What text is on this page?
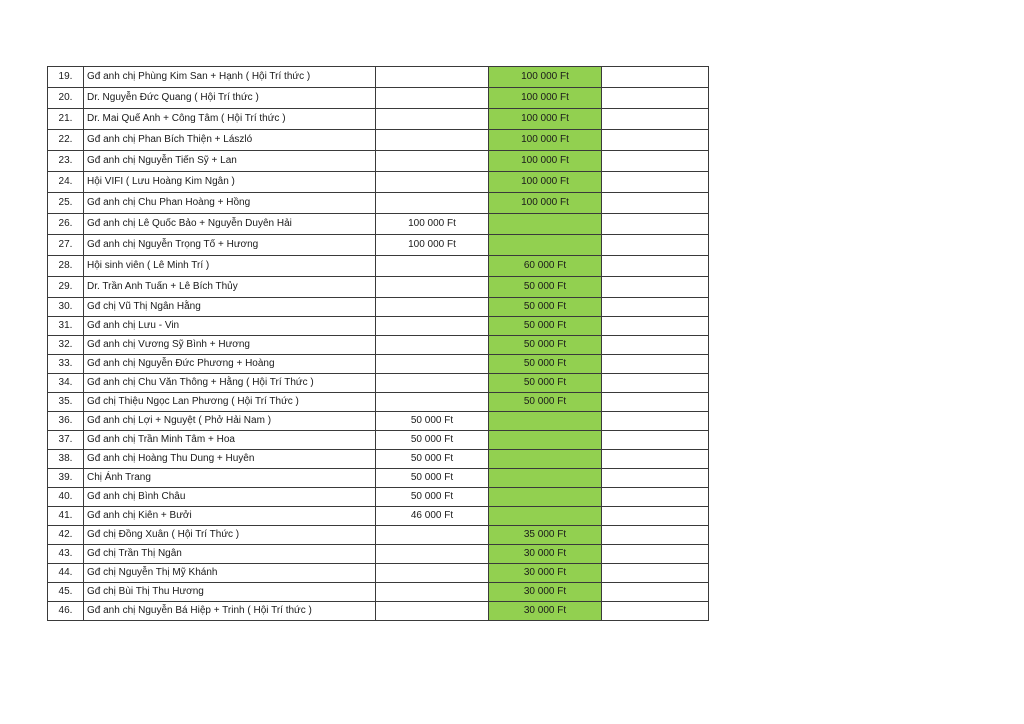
19.	Gđ anh chị Phùng Kim San + Hạnh ( Hội Trí thức )		100 000 Ft	
20.	Dr. Nguyễn Đức Quang ( Hội Trí thức )		100 000 Ft	
21.	Dr. Mai Quế Anh + Công Tâm ( Hội Trí thức )		100 000 Ft	
22.	Gđ anh chị Phan Bích Thiện + László		100 000 Ft	
23.	Gđ anh chị Nguyễn Tiến Sỹ + Lan		100 000 Ft	
24.	Hội VIFI ( Lưu Hoàng Kim Ngân )		100 000 Ft	
25.	Gđ anh chị Chu Phan Hoàng + Hồng		100 000 Ft	
26.	Gđ anh chị Lê Quốc Bảo + Nguyễn Duyên Hải	100 000 Ft		
27.	Gđ anh chị Nguyễn Trọng Tố + Hương	100 000 Ft		
28.	Hội sinh viên ( Lê Minh Trí )		60 000 Ft	
29.	Dr. Trần Anh Tuấn + Lê Bích Thủy		50 000 Ft	
30.	Gđ chị Vũ Thị Ngân Hằng		50 000 Ft	
31.	Gđ anh chị Lưu - Vin		50 000 Ft	
32.	Gđ anh chị Vương Sỹ Bình + Hương		50 000 Ft	
33.	Gđ anh chị Nguyễn Đức Phương + Hoàng		50 000 Ft	
34.	Gđ anh chị Chu Văn Thông + Hằng ( Hội Trí Thức )		50 000 Ft	
35.	Gđ chị Thiệu Ngọc Lan Phương ( Hội Trí Thức )		50 000 Ft	
36.	Gđ anh chị Lợi + Nguyệt ( Phở Hải Nam )	50 000 Ft		
37.	Gđ anh chị Trần Minh Tâm + Hoa	50 000 Ft		
38.	Gđ anh chị Hoàng Thu Dung + Huyên	50 000 Ft		
39.	Chị Ánh Trang	50 000 Ft		
40.	Gđ anh chị Bình Châu	50 000 Ft		
41.	Gđ anh chị Kiên + Bưởi	46 000 Ft		
42.	Gđ chị Đồng Xuân ( Hội Trí Thức )		35 000 Ft	
43.	Gđ chị Trần Thị Ngân		30 000 Ft	
44.	Gđ chị Nguyễn Thị Mỹ Khánh		30 000 Ft	
45.	Gđ chị Bùi Thị Thu Hương		30 000 Ft	
46.	Gđ anh chị Nguyễn Bá Hiệp + Trinh ( Hội Trí thức )		30 000 Ft	
